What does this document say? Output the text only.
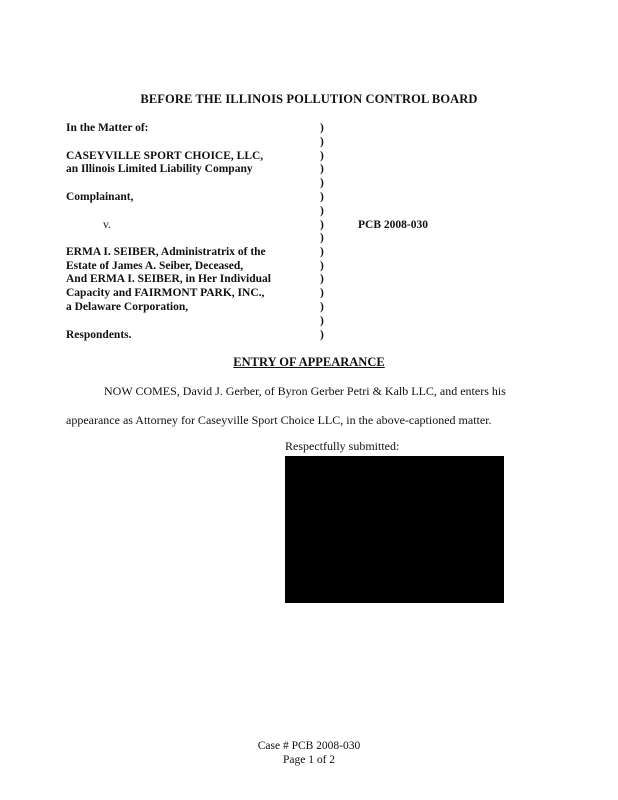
BEFORE THE ILLINOIS POLLUTION CONTROL BOARD
In the Matter of:
CASEYVILLE SPORT CHOICE, LLC,
an Illinois Limited Liability Company
Complainant,
v.
ERMA I. SEIBER, Administratrix of the
Estate of James A. Seiber, Deceased,
And ERMA I. SEIBER, in Her Individual
Capacity and FAIRMONT PARK, INC.,
a Delaware Corporation,
Respondents.
)
)
)
)
)
)
)
)
)
)
)
)
)
)
)
)
PCB 2008-030
ENTRY OF APPEARANCE
NOW COMES, David J. Gerber, of Byron Gerber Petri & Kalb LLC, and enters his
appearance as Attorney for Caseyville Sport Choice LLC, in the above-captioned matter.
Respectfully submitted:
Case # PCB 2008-030
Page 1 of 2
